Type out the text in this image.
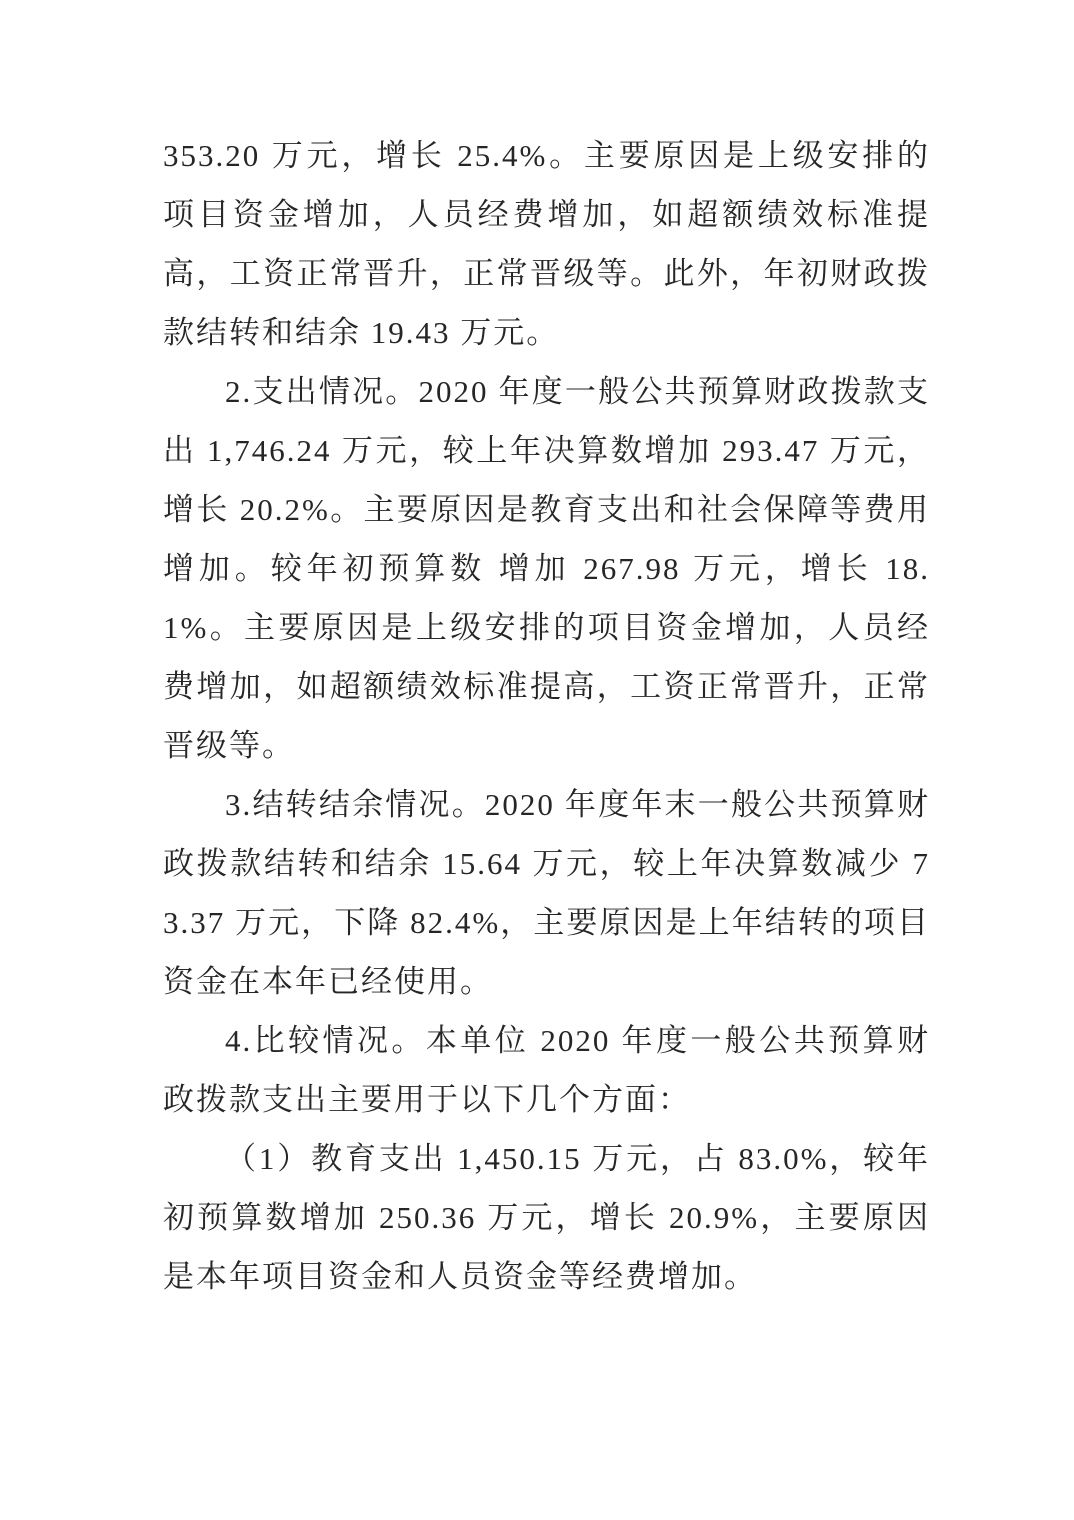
353.20 万元，增长 25.4%。主要原因是上级安排的项目资金增加，人员经费增加，如超额绩效标准提高，工资正常晋升，正常晋级等。此外，年初财政拨款结转和结余 19.43 万元。

2.支出情况。2020 年度一般公共预算财政拨款支出 1,746.24 万元，较上年决算数增加 293.47 万元，增长 20.2%。主要原因是教育支出和社会保障等费用增加。较年初预算数 增加 267.98 万元，增长 18.1%。主要原因是上级安排的项目资金增加，人员经费增加，如超额绩效标准提高，工资正常晋升，正常晋级等。

3.结转结余情况。2020 年度年末一般公共预算财政拨款结转和结余 15.64 万元，较上年决算数减少 73.37 万元，下降 82.4%，主要原因是上年结转的项目资金在本年已经使用。

4.比较情况。本单位 2020 年度一般公共预算财政拨款支出主要用于以下几个方面：

（1）教育支出 1,450.15 万元，占 83.0%，较年初预算数增加 250.36 万元，增长 20.9%，主要原因是本年项目资金和人员资金等经费增加。
